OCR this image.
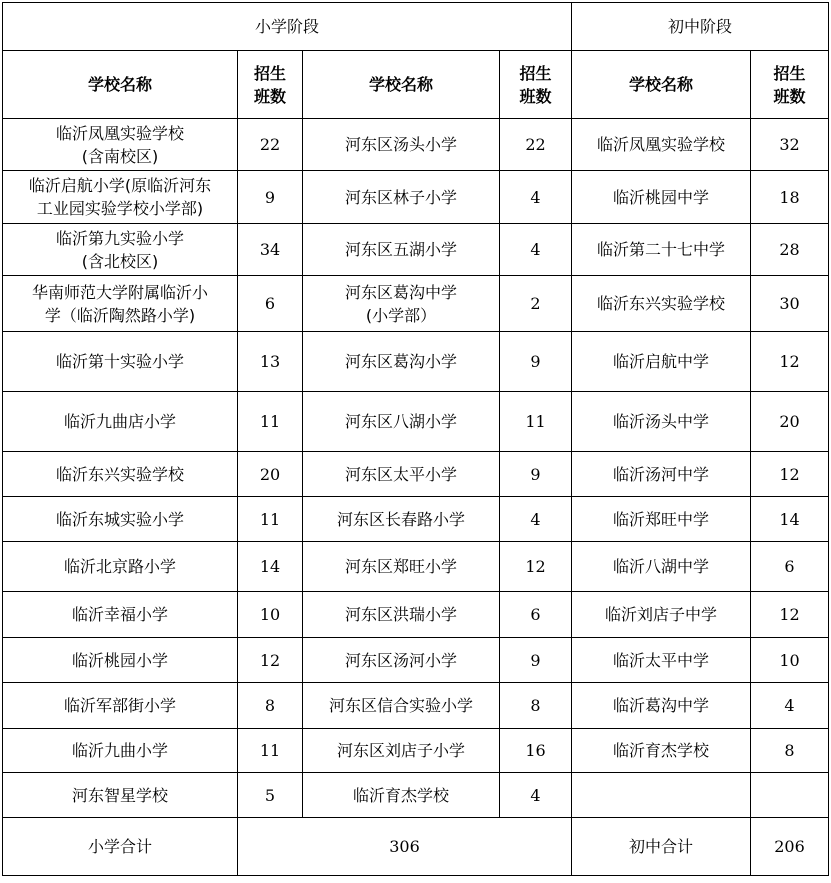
小学阶段				初中阶段	
学校名称	招生班数	学校名称	招生班数	学校名称	招生班数
临沂凤凰实验学校
(含南校区)	22	河东区汤头小学	22	临沂凤凰实验学校	32
临沂启航小学(原临沂河东
工业园实验学校小学部)	9	河东区林子小学	4	临沂桃园中学	18
临沂第九实验小学
(含北校区)	34	河东区五湖小学	4	临沂第二十七中学	28
华南师范大学附属临沂小
学（临沂陶然路小学)	6	河东区葛沟中学
(小学部）	2	临沂东兴实验学校	30
临沂第十实验小学	13	河东区葛沟小学	9	临沂启航中学	12
临沂九曲店小学	11	河东区八湖小学	11	临沂汤头中学	20
临沂东兴实验学校	20	河东区太平小学	9	临沂汤河中学	12
临沂东城实验小学	11	河东区长春路小学	4	临沂郑旺中学	14
临沂北京路小学	14	河东区郑旺小学	12	临沂八湖中学	6
临沂幸福小学	10	河东区洪瑞小学	6	临沂刘店子中学	12
临沂桃园小学	12	河东区汤河小学	9	临沂太平中学	10
临沂军部街小学	8	河东区信合实验小学	8	临沂葛沟中学	4
临沂九曲小学	11	河东区刘店子小学	16	临沂育杰学校	8
河东智星学校	5	临沂育杰学校	4		
小学合计	306			初中合计	206
